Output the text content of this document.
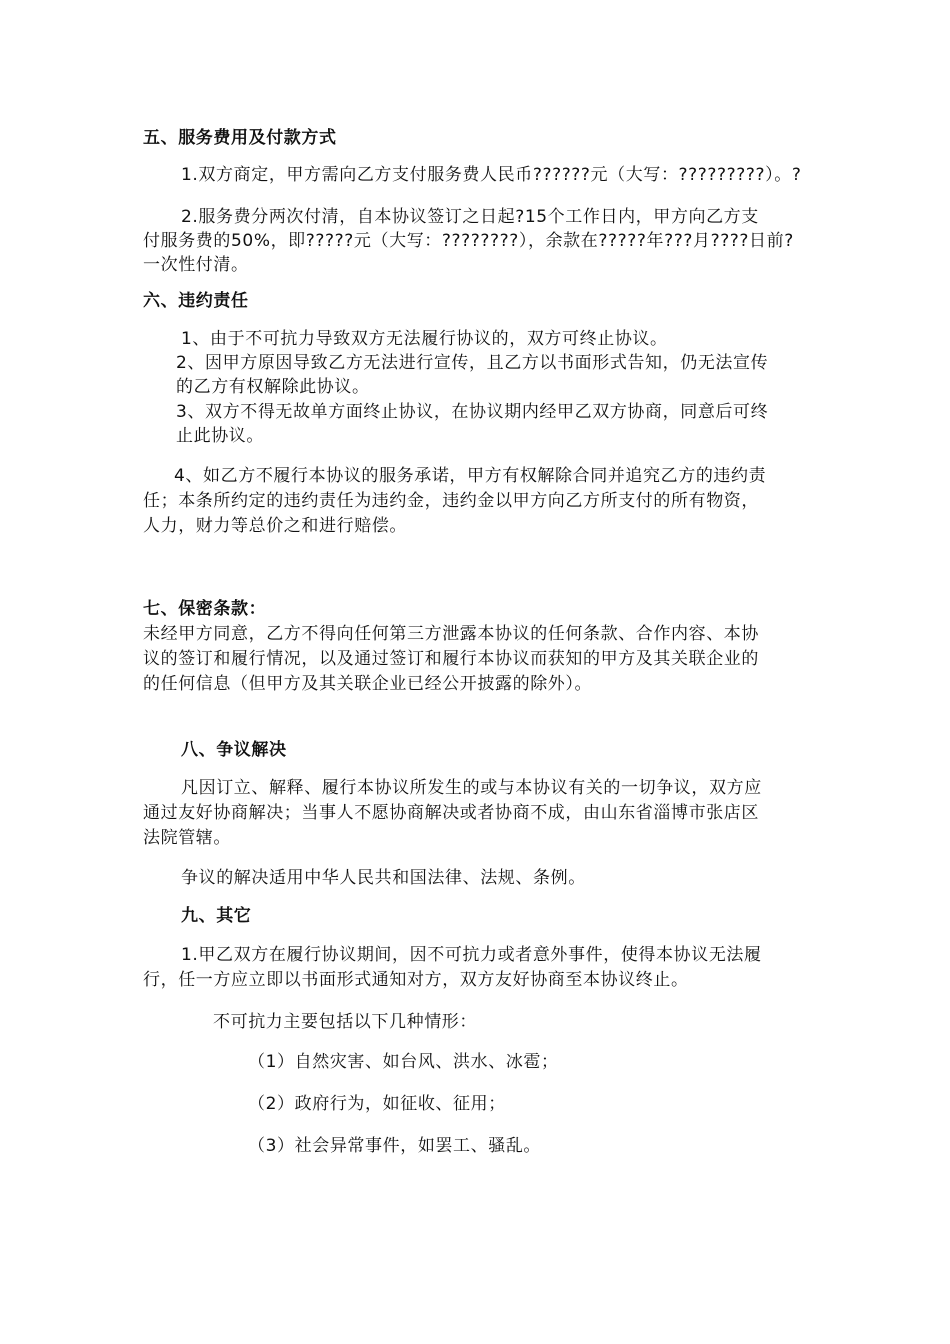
五、服务费用及付款方式
1.双方商定，甲方需向乙方支付服务费人民币??????元（大写：?????????）。?
2.服务费分两次付清，自本协议签订之日起?15个工作日内，甲方向乙方支
付服务费的50%，即?????元（大写：????????），余款在?????年???月????日前?
一次性付清。
六、违约责任
1、由于不可抗力导致双方无法履行协议的，双方可终止协议。
2、因甲方原因导致乙方无法进行宣传，且乙方以书面形式告知，仍无法宣传
的乙方有权解除此协议。
3、双方不得无故单方面终止协议，在协议期内经甲乙双方协商，同意后可终
止此协议。
4、如乙方不履行本协议的服务承诺，甲方有权解除合同并追究乙方的违约责
任；本条所约定的违约责任为违约金，违约金以甲方向乙方所支付的所有物资，
人力，财力等总价之和进行赔偿。
七、保密条款：
未经甲方同意，乙方不得向任何第三方泄露本协议的任何条款、合作内容、本协
议的签订和履行情况，以及通过签订和履行本协议而获知的甲方及其关联企业的
的任何信息（但甲方及其关联企业已经公开披露的除外）。
八、争议解决
凡因订立、解释、履行本协议所发生的或与本协议有关的一切争议，双方应
通过友好协商解决；当事人不愿协商解决或者协商不成，由山东省淄博市张店区
法院管辖。
争议的解决适用中华人民共和国法律、法规、条例。
九、其它
1.甲乙双方在履行协议期间，因不可抗力或者意外事件，使得本协议无法履
行，任一方应立即以书面形式通知对方，双方友好协商至本协议终止。
不可抗力主要包括以下几种情形：
（1）自然灾害、如台风、洪水、冰雹；
（2）政府行为，如征收、征用；
（3）社会异常事件，如罢工、骚乱。
